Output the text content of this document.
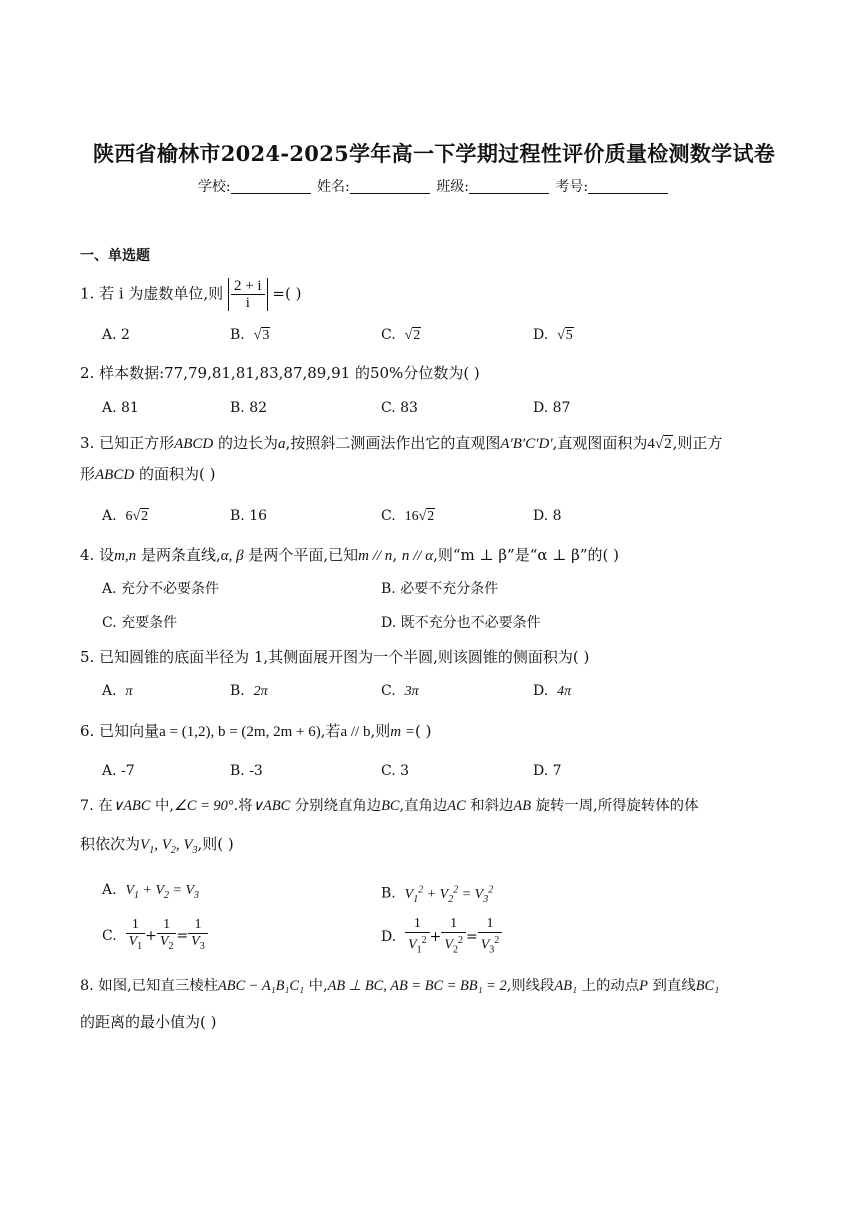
陕西省榆林市2024-2025学年高一下学期过程性评价质量检测数学试卷
学校:	姓名:	班级:	考号:
一、单选题
1. 若 i 为虚数单位,则 $\frac{2 + i}{i}$ =( )
A. 2	B. √3	C. √2	D. √5
2. 样本数据:77,79,81,81,83,87,89,91 的50%分位数为( )
A. 81	B. 82	C. 83	D. 87
3. 已知正方形ABCD 的边长为a,按照斜二测画法作出它的直观图A′B′C′D′,直观图面积为4√2,则正方
形ABCD 的面积为( )
A. 6√2	B. 16	C. 16√2	D. 8
4. 设m,n 是两条直线,α, β 是两个平面,已知m // n, n // α,则“m ⊥ β”是“α ⊥ β”的( )
A. 充分不必要条件	B. 必要不充分条件
C. 充要条件	D. 既不充分也不必要条件
5. 已知圆锥的底面半径为 1,其侧面展开图为一个半圆,则该圆锥的侧面积为( )
A. π	B. 2π	C. 3π	D. 4π
6. 已知向量a = (1,2), b = (2m, 2m + 6),若a // b,则m =( )
A. -7	B. -3	C. 3	D. 7
7. 在∨ABC 中,∠C = 90°.将∨ABC 分别绕直角边BC,直角边AC 和斜边AB 旋转一周,所得旋转体的体
积依次为$V_1$, $V_2$, $V_3$,则( )
A. $V_1 + V_2 = V_3$	B. $V_1^2 + V_2^2 = V_3^2$
C. $\frac{1}{V_1} + \frac{1}{V_2} = \frac{1}{V_3}$	D. $\frac{1}{V_1^2} + \frac{1}{V_2^2} = \frac{1}{V_3^2}$
8. 如图,已知直三棱柱ABC − A₁B₁C₁ 中,AB ⊥ BC, AB = BC = BB₁ = 2,则线段AB₁ 上的动点P 到直线BC₁
的距离的最小值为( )
